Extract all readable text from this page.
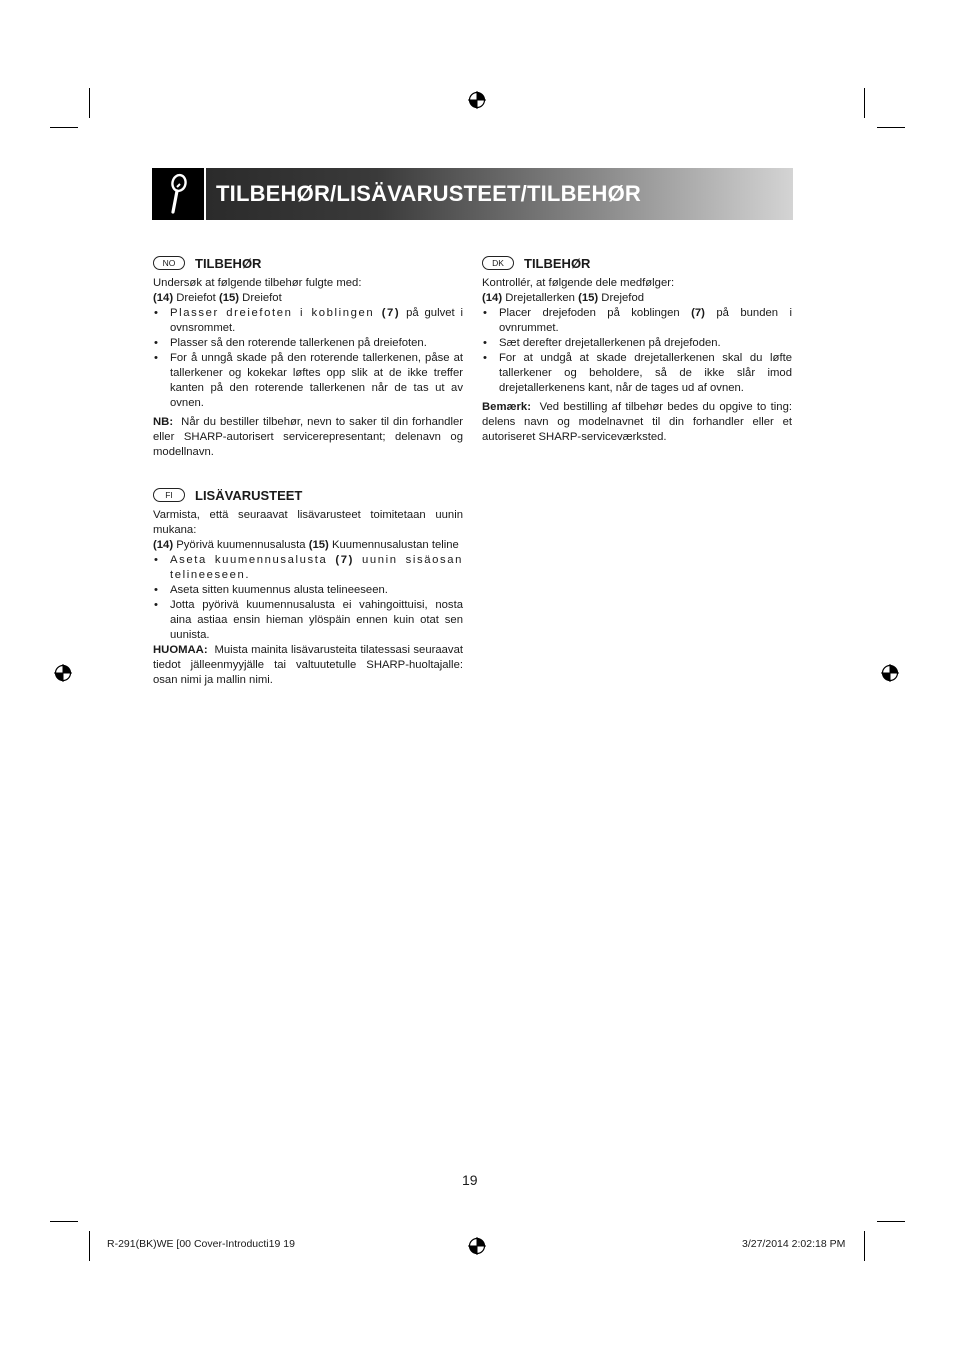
TILBEHØR/LISÄVARUSTEET/TILBEHØR
NO	TILBEHØR

Undersøk at følgende tilbehør fulgte med:

(14) Dreiefot (15) Dreiefot

• Plasser dreiefoten i koblingen (7) på gulvet i ovnsrommet.
• Plasser så den roterende tallerkenen på dreiefoten.
• For å unngå skade på den roterende tallerkenen, påse at tallerkener og kokekar løftes opp slik at de ikke treffer kanten på den roterende tallerkenen når de tas ut av ovnen.

NB: Når du bestiller tilbehør, nevn to saker til din forhandler eller SHARP-autorisert servicerepresentant; delenavn og modellnavn.

FI	LISÄVARUSTEET

Varmista, että seuraavat lisävarusteet toimitetaan uunin mukana:

(14) Pyörivä kuumennusalusta (15) Kuumennusalustan teline

• Aseta kuumennusalusta (7) uunin sisäosan telineeseen.
• Aseta sitten kuumennus alusta telineeseen.
• Jotta pyörivä kuumennusalusta ei vahingoittuisi, nosta aina astiaa ensin hieman ylöspäin ennen kuin otat sen uunista.

HUOMAA: Muista mainita lisävarusteita tilatessasi seuraavat tiedot jälleenmyyjälle tai valtuutetulle SHARP-huoltajalle: osan nimi ja mallin nimi.

DK	TILBEHØR

Kontrollér, at følgende dele medfølger:

(14) Drejetallerken (15) Drejefod

• Placer drejefoden på koblingen (7) på bunden i ovnrummet.
• Sæt derefter drejetallerkenen på drejefoden.
• For at undgå at skade drejetallerkenen skal du løfte tallerkener og beholdere, så de ikke slår imod drejetallerkenens kant, når de tages ud af ovnen.

Bemærk: Ved bestilling af tilbehør bedes du opgive to ting: delens navn og modelnavnet til din forhandler eller et autoriseret SHARP-serviceværksted.

19
R-291(BK)WE [00 Cover-Introducti19 19	3/27/2014 2:02:18 PM
